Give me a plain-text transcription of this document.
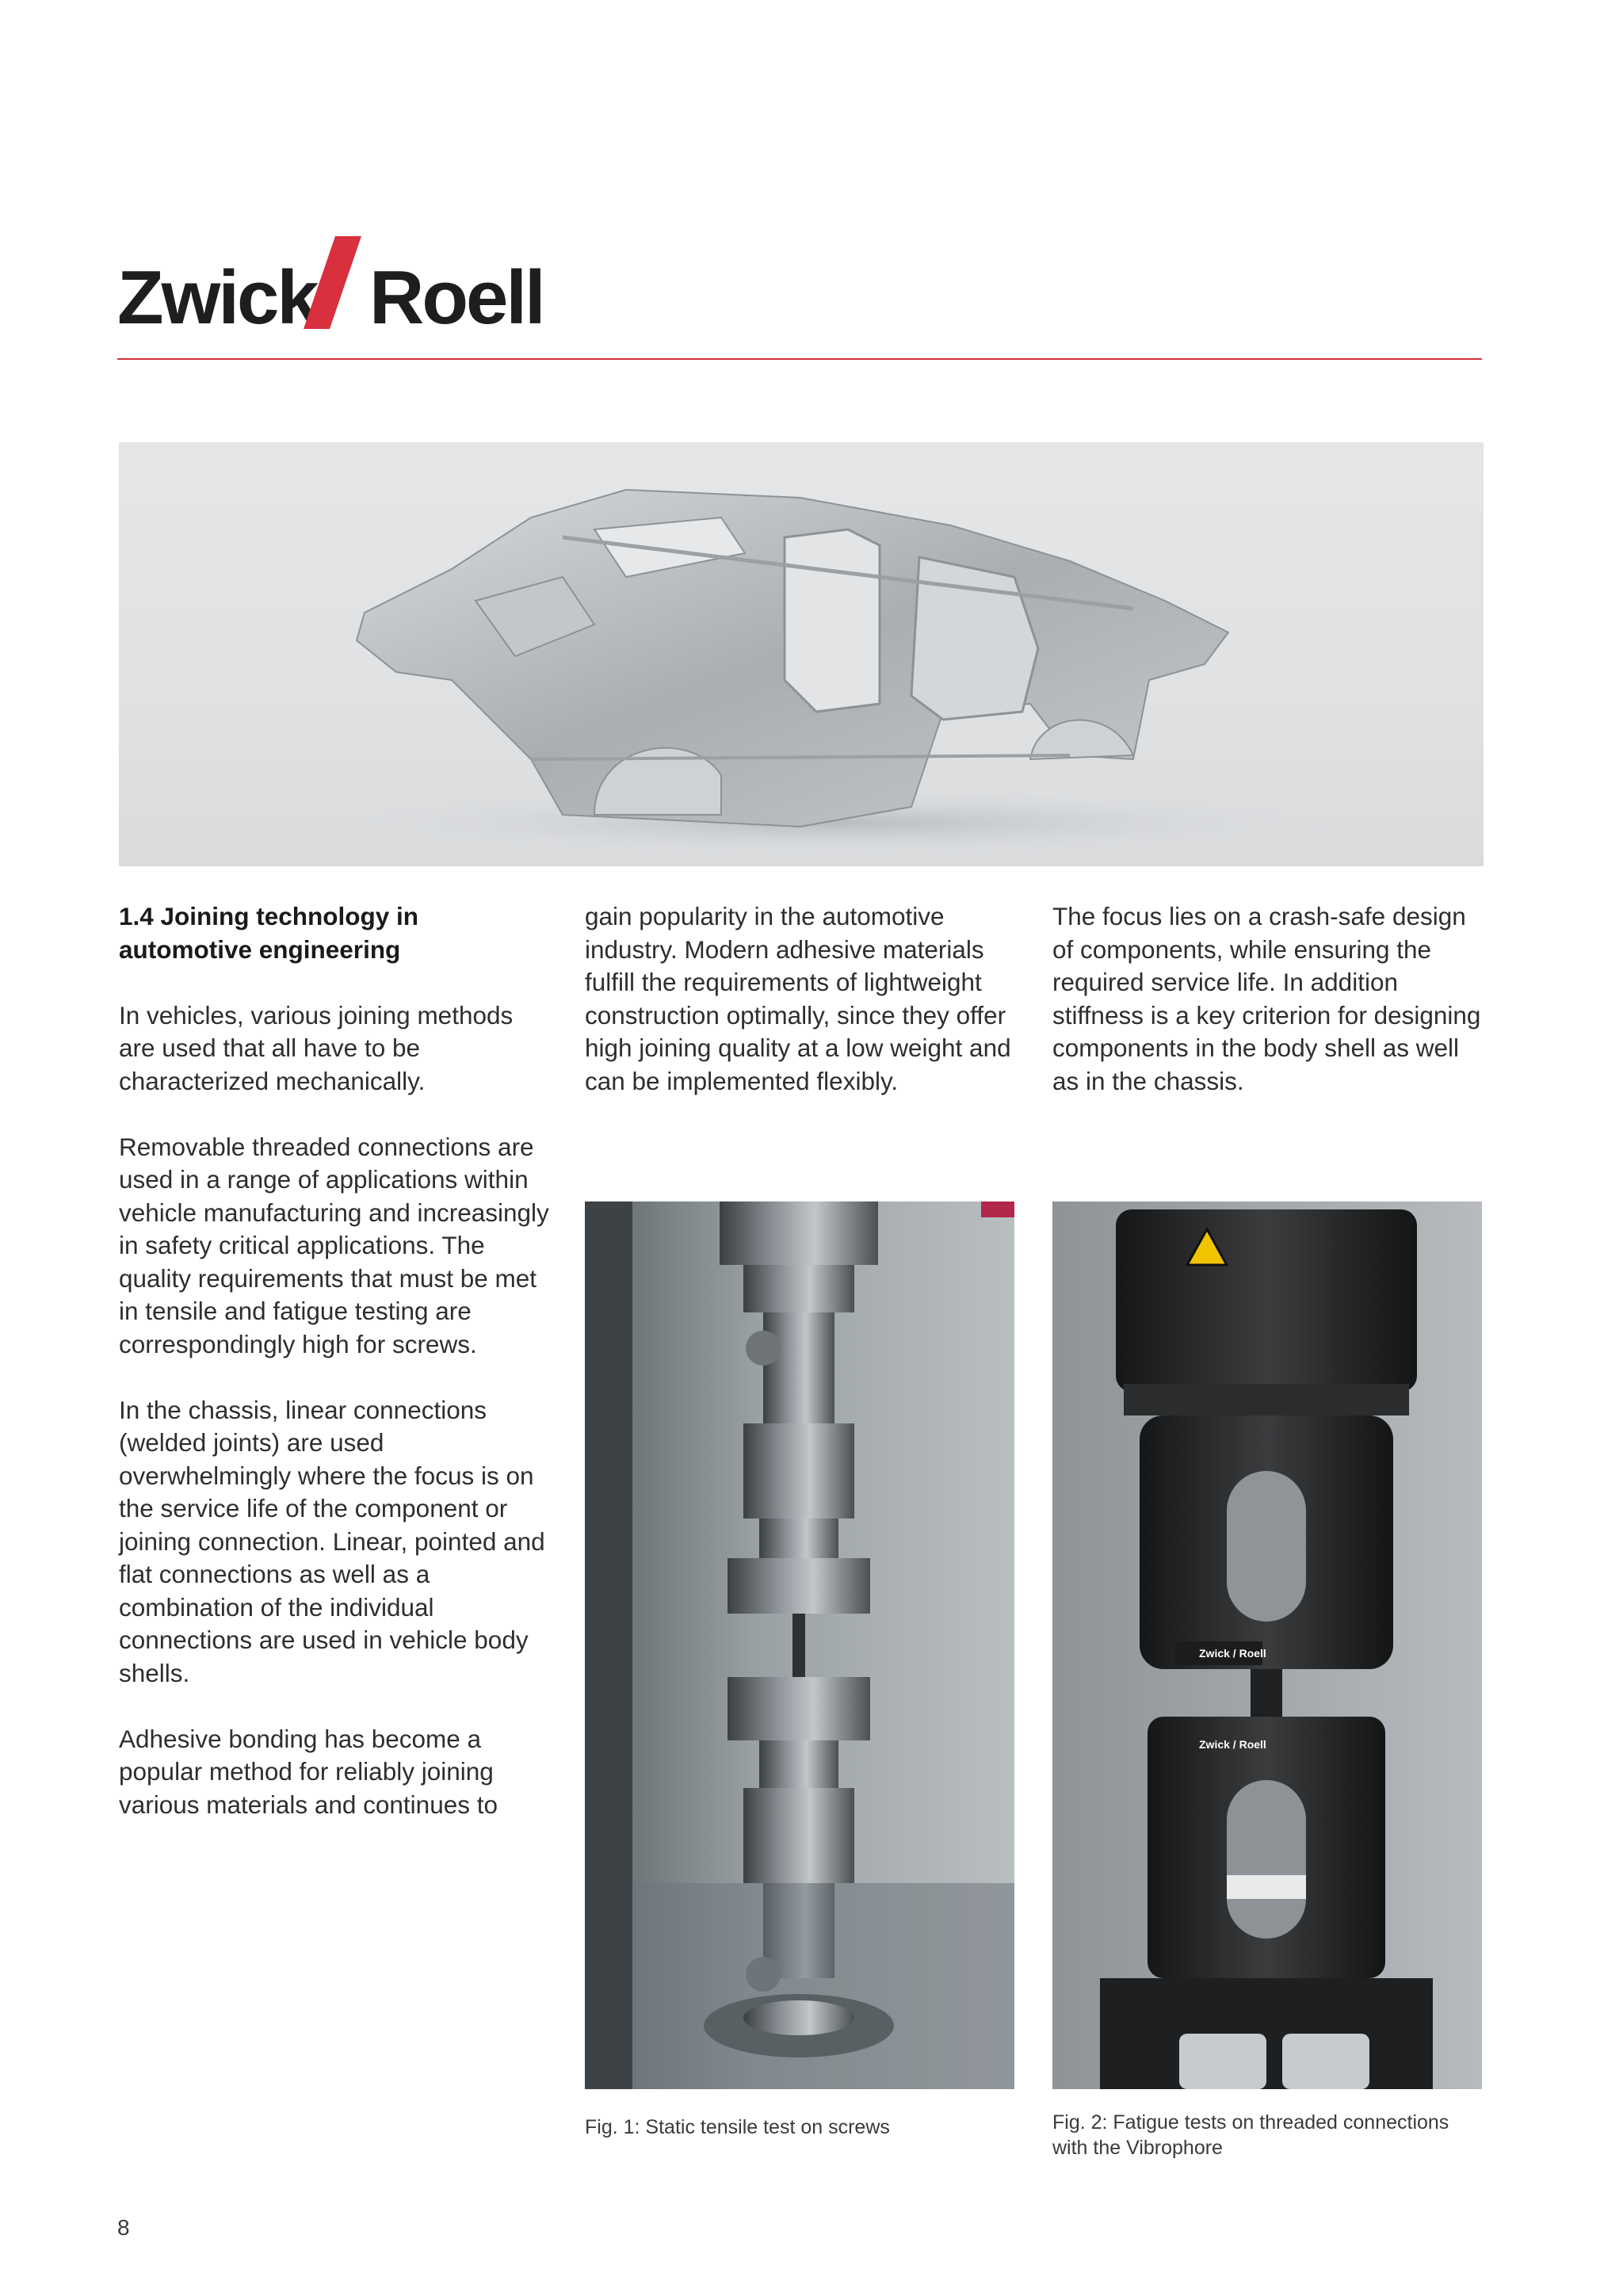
Zwick Roell

1.4 Joining technology in automotive engineering

In vehicles, various joining methods are used that all have to be characterized mechanically.

Removable threaded connections are used in a range of applications within vehicle manufacturing and increasingly in safety critical applications. The quality requirements that must be met in tensile and fatigue testing are correspondingly high for screws.

In the chassis, linear connections (welded joints) are used overwhelmingly where the focus is on the service life of the component or joining connection. Linear, pointed and flat connections as well as a combination of the individual connections are used in vehicle body shells.

Adhesive bonding has become a popular method for reliably joining various materials and continues to

gain popularity in the automotive industry. Modern adhesive materials fulfill the requirements of lightweight construction optimally, since they offer high joining quality at a low weight and can be implemented flexibly.

The focus lies on a crash-safe design of components, while ensuring the required service life. In addition stiffness is a key criterion for designing components in the body shell as well as in the chassis.

Zwick / Roell
Zwick / Roell
Fig. 1: Static tensile test on screws	Fig. 2: Fatigue tests on threaded connections with the Vibrophore
8
